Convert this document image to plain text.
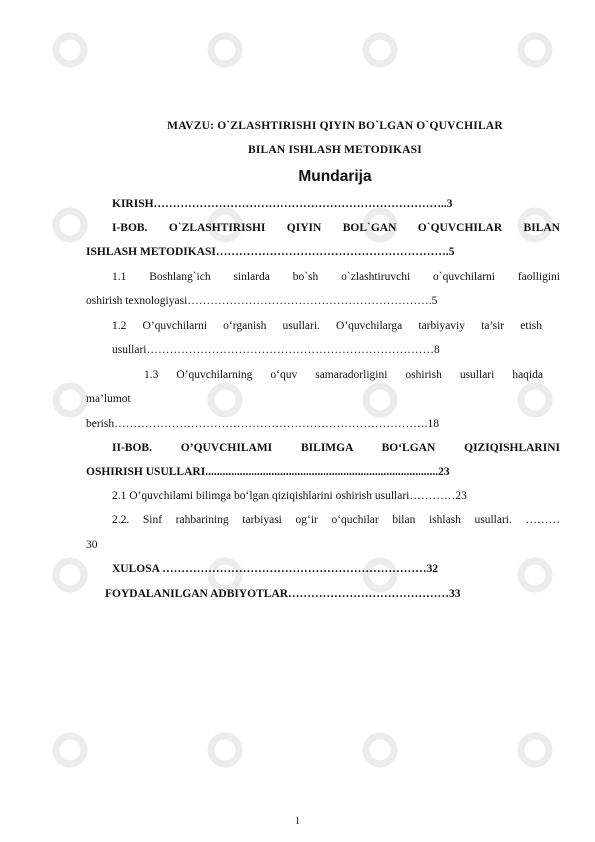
MAVZU: O`ZLASHTIRISHI QIYIN BO`LGAN O`QUVCHILAR
BILAN ISHLASH METODIKASI
Mundarija
KIRISH…………………………………………………………………..3
I-BOB. O`ZLASHTIRISHI QIYIN BOL`GAN O`QUVCHILAR BILAN
ISHLASH METODIKASI…………………………………………………….5
1.1 Boshlang`ich sinlarda bo`sh o`zlashtiruvchi o`quvchilarni faolligini
oshirish texnologiyasi……………………………………………………….5
1.2 O’quvchilarni o‘rganish usullari. O’quvchilarga tarbiyaviy ta’sir etish
usullari…………………………………………………………………8
1.3 O’quvchilarning o‘quv samaradorligini oshirish usullari haqida
ma’lumot
berish……………………………………………………………………….18
II-BOB. O’QUVCHILAMI BILIMGA BO‘LGAN QIZIQISHLARINI
OSHIRISH USULLARI.................................................................................23
2.1 O’quvchilami bilimga bo‘lgan qiziqishlarini oshirish usullari…………23
2.2. Sinf rahbarining tarbiyasi og‘ir o‘quchilar bilan ishlash usullari. ………
30
XULOSA ……………………………………………………………32
FOYDALANILGAN ADBIYOTLAR……………………………………33
1
